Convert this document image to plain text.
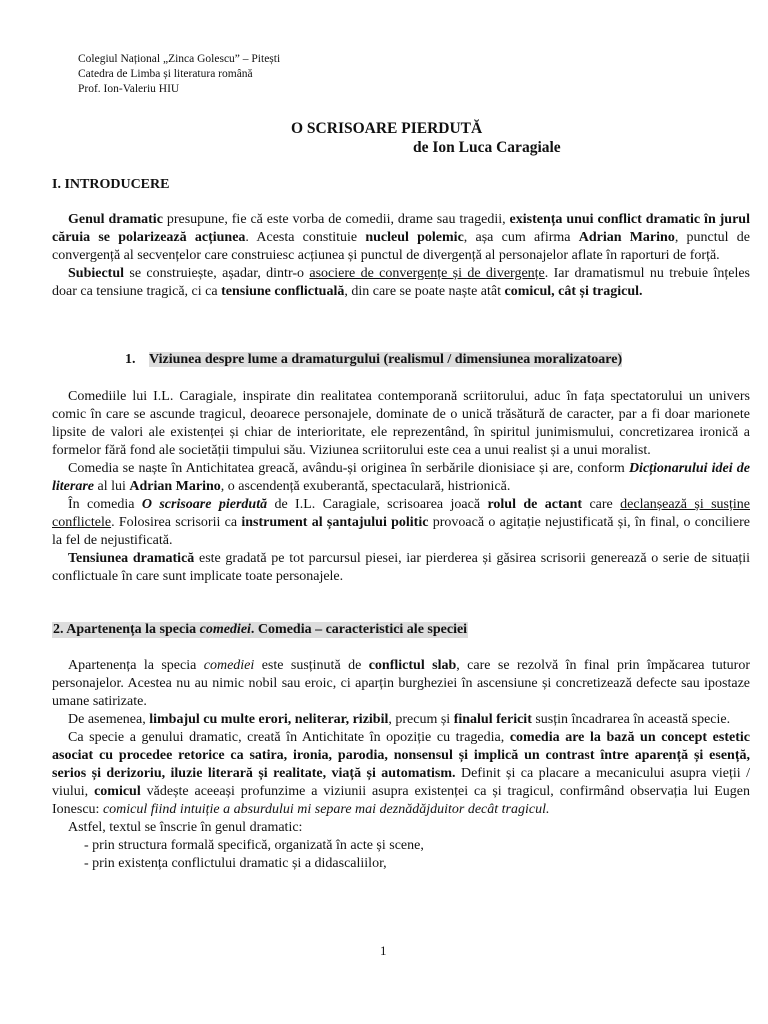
Colegiul Național „Zinca Golescu” – Pitești
Catedra de Limba și literatura română
Prof. Ion-Valeriu HIU
O SCRISOARE PIERDUTĂ
de Ion Luca Caragiale
I. INTRODUCERE

Genul dramatic presupune, fie că este vorba de comedii, drame sau tragedii, existența unui conflict dramatic în jurul căruia se polarizează acțiunea. Acesta constituie nucleul polemic, așa cum afirma Adrian Marino, punctul de convergență al secvențelor care construiesc acțiunea și punctul de divergență al personajelor aflate în raporturi de forță.

Subiectul se construiește, așadar, dintr-o asociere de convergențe și de divergențe. Iar dramatismul nu trebuie înțeles doar ca tensiune tragică, ci ca tensiune conflictuală, din care se poate naște atât comicul, cât și tragicul.

1. Viziunea despre lume a dramaturgului (realismul / dimensiunea moralizatoare)

Comediile lui I.L. Caragiale, inspirate din realitatea contemporană scriitorului, aduc în fața spectatorului un univers comic în care se ascunde tragicul, deoarece personajele, dominate de o unică trăsătură de caracter, par a fi doar marionete lipsite de valori ale existenței și chiar de interioritate, ele reprezentând, în spiritul junimismului, concretizarea ironică a formelor fără fond ale societății timpului său. Viziunea scriitorului este cea a unui realist și a unui moralist.

Comedia se naște în Antichitatea greacă, avându-și originea în serbările dionisiace și are, conform Dicționarului idei de literare al lui Adrian Marino, o ascendență exuberantă, spectaculară, histrionică.

În comedia O scrisoare pierdută de I.L. Caragiale, scrisoarea joacă rolul de actant care declanșează și susține conflictele. Folosirea scrisorii ca instrument al șantajului politic provoacă o agitație nejustificată și, în final, o conciliere la fel de nejustificată.

Tensiunea dramatică este gradată pe tot parcursul piesei, iar pierderea și găsirea scrisorii generează o serie de situații conflictuale în care sunt implicate toate personajele.

2. Apartenența la specia comediei. Comedia – caracteristici ale speciei

Apartenența la specia comediei este susținută de conflictul slab, care se rezolvă în final prin împăcarea tuturor personajelor. Acestea nu au nimic nobil sau eroic, ci aparțin burgheziei în ascensiune și concretizează defecte sau ipostaze umane satirizate.

De asemenea, limbajul cu multe erori, neliterar, rizibil, precum și finalul fericit susțin încadrarea în această specie.

Ca specie a genului dramatic, creată în Antichitate în opoziție cu tragedia, comedia are la bază un concept estetic asociat cu procedee retorice ca satira, ironia, parodia, nonsensul și implică un contrast între aparență și esență, serios și derizoriu, iluzie literară și realitate, viață și automatism. Definit și ca placare a mecanicului asupra vieții / viului, comicul vădește aceeași profunzime a viziunii asupra existenței ca și tragicul, confirmând observația lui Eugen Ionescu: comicul fiind intuiție a absurdului mi separe mai deznădăjduitor decât tragicul.

Astfel, textul se înscrie în genul dramatic:

- prin structura formală specifică, organizată în acte și scene,

- prin existența conflictului dramatic și a didascaliilor,

1
